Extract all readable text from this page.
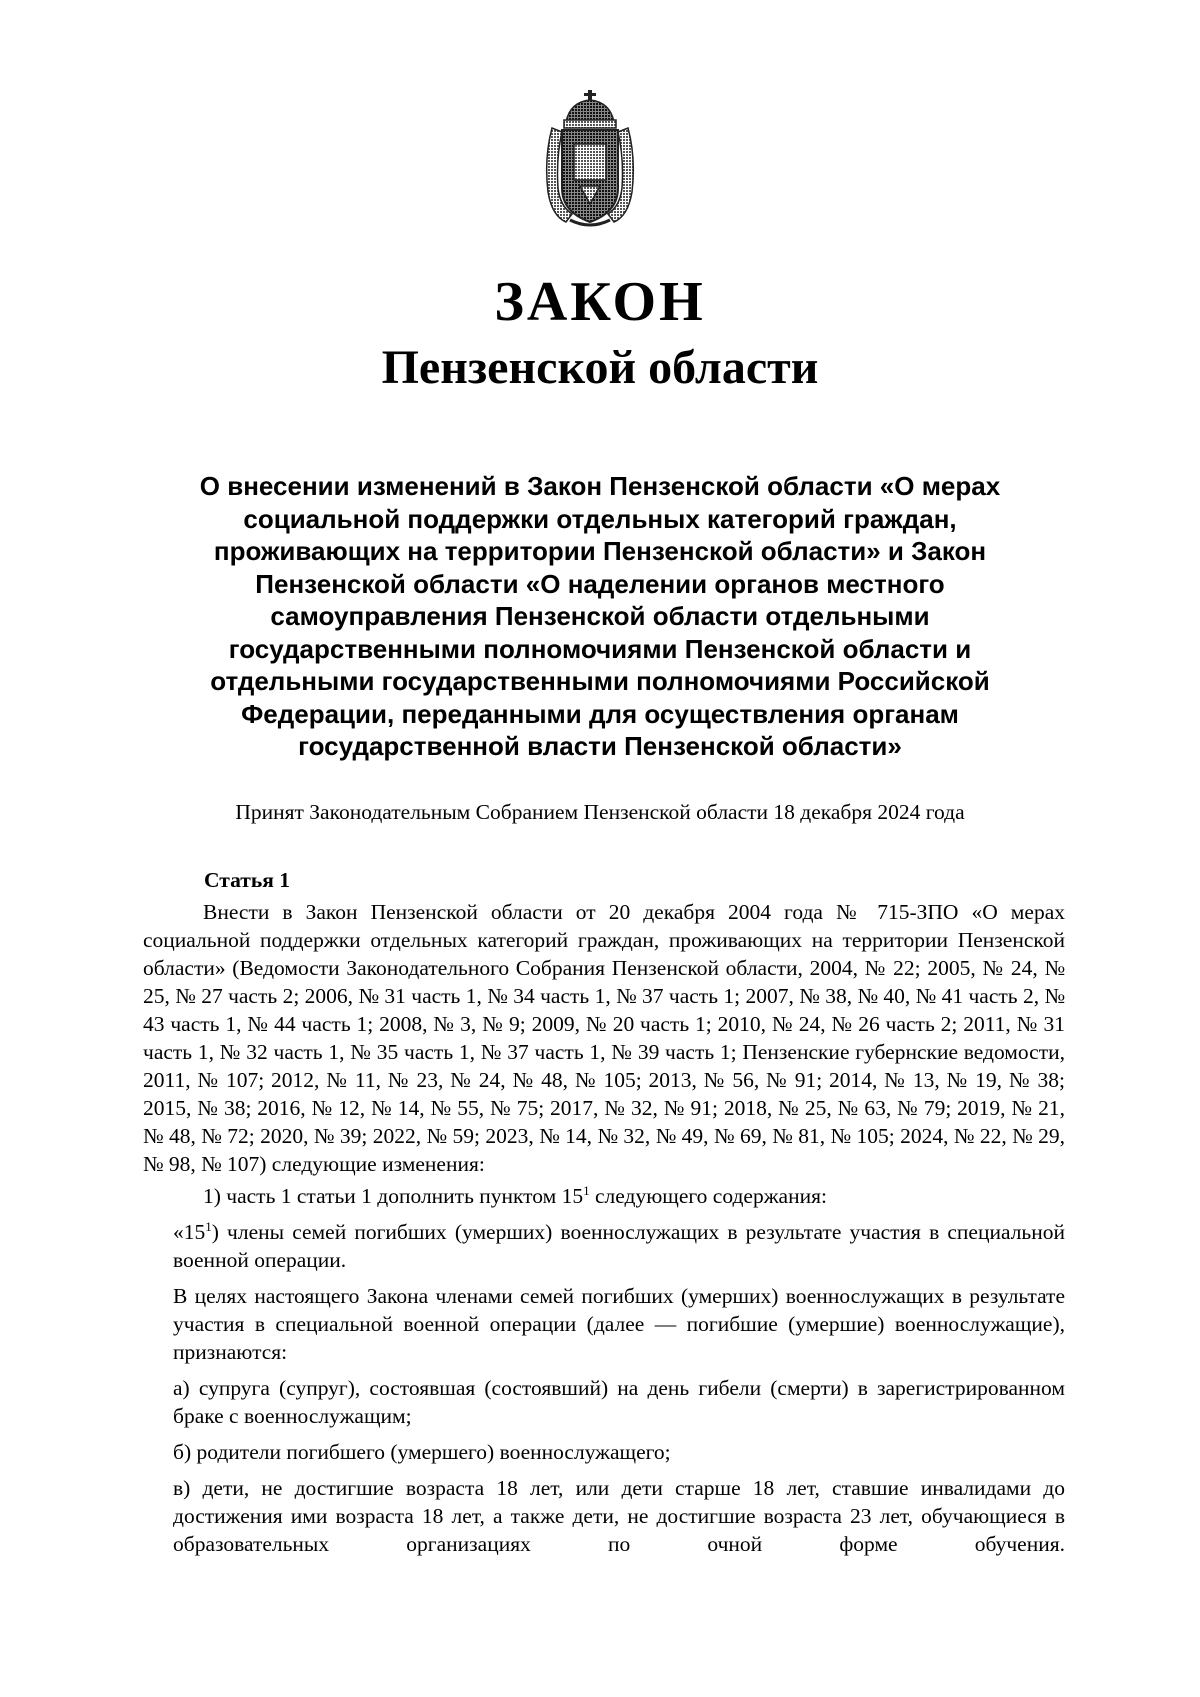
ЗАКОН
Пензенской области
О внесении изменений в Закон Пензенской области «О мерах социальной поддержки отдельных категорий граждан, проживающих на территории Пензенской области» и Закон Пензенской области «О наделении органов местного самоуправления Пензенской области отдельными государственными полномочиями Пензенской области и отдельными государственными полномочиями Российской Федерации, переданными для осуществления органам государственной власти Пензенской области»
Принят Законодательным Собранием Пензенской области 18 декабря 2024 года
Статья 1

Внести в Закон Пензенской области от 20 декабря 2004 года № 715-ЗПО «О мерах социальной поддержки отдельных категорий граждан, проживающих на территории Пензенской области» (Ведомости Законодательного Собрания Пензенской области, 2004, № 22; 2005, № 24, № 25, № 27 часть 2; 2006, № 31 часть 1, № 34 часть 1, № 37 часть 1; 2007, № 38, № 40, № 41 часть 2, № 43 часть 1, № 44 часть 1; 2008, № 3, № 9; 2009, № 20 часть 1; 2010, № 24, № 26 часть 2; 2011, № 31 часть 1, № 32 часть 1, № 35 часть 1, № 37 часть 1, № 39 часть 1; Пензенские губернские ведомости, 2011, № 107; 2012, № 11, № 23, № 24, № 48, № 105; 2013, № 56, № 91; 2014, № 13, № 19, № 38; 2015, № 38; 2016, № 12, № 14, № 55, № 75; 2017, № 32, № 91; 2018, № 25, № 63, № 79; 2019, № 21, № 48, № 72; 2020, № 39; 2022, № 59; 2023, № 14, № 32, № 49, № 69, № 81, № 105; 2024, № 22, № 29, № 98, № 107) следующие изменения:

1) часть 1 статьи 1 дополнить пунктом $15^1$ следующего содержания:

«$15^1$) члены семей погибших (умерших) военнослужащих в результате участия в специальной военной операции.

В целях настоящего Закона членами семей погибших (умерших) военнослужащих в результате участия в специальной военной операции (далее — погибшие (умершие) военнослужащие), признаются:

а) супруга (супруг), состоявшая (состоявший) на день гибели (смерти) в зарегистрированном браке с военнослужащим;

б) родители погибшего (умершего) военнослужащего;

в) дети, не достигшие возраста 18 лет, или дети старше 18 лет, ставшие инвалидами до достижения ими возраста 18 лет, а также дети, не достигшие возраста 23 лет, обучающиеся в образовательных организациях по очной форме обучения.
